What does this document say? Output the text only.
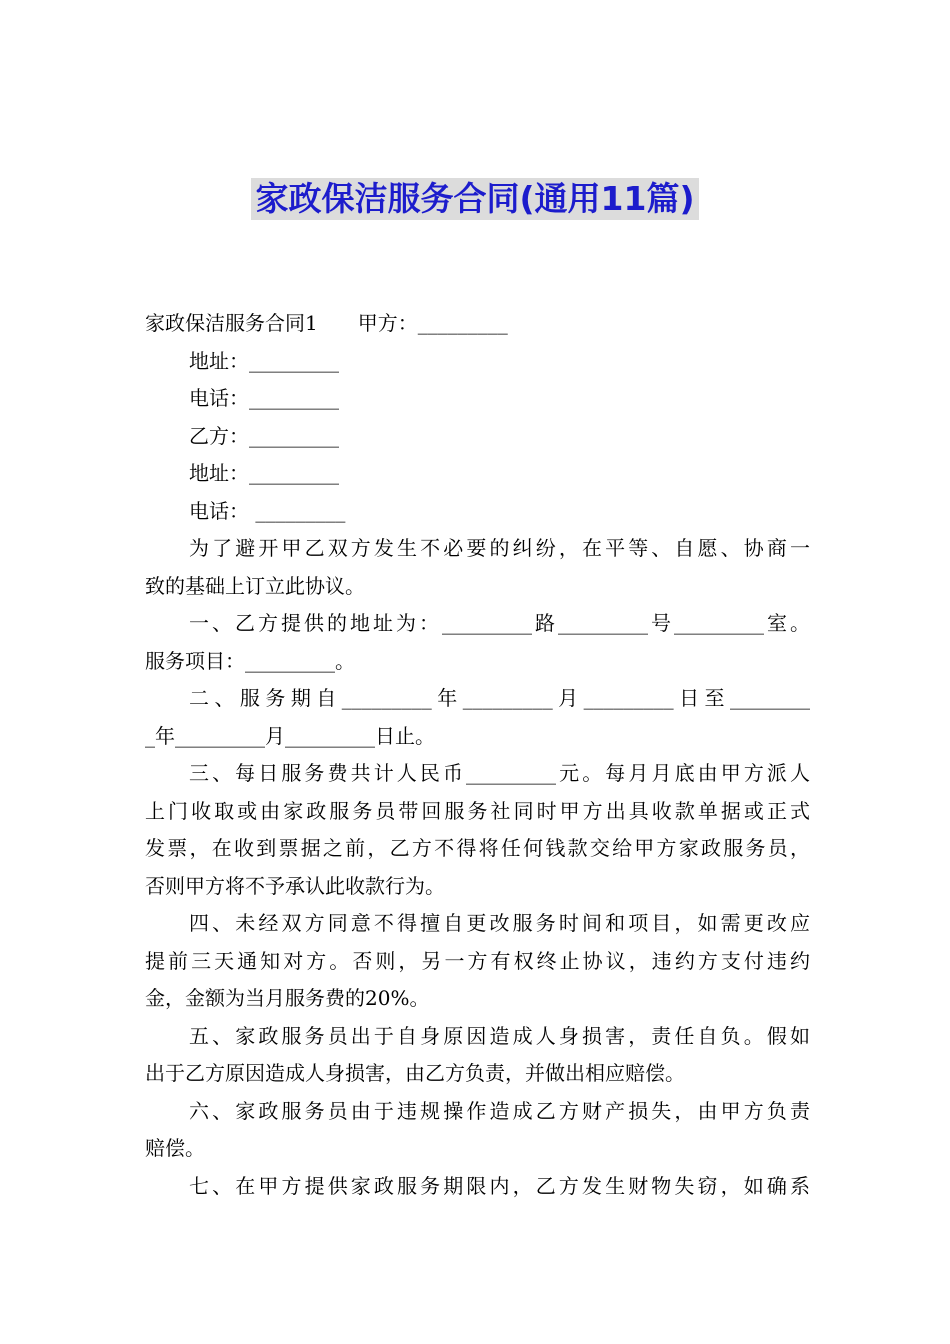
家政保洁服务合同(通用11篇)
家政保洁服务合同1 甲方：_________
地址：_________
电话：_________
乙方：_________
地址：_________
电话： _________
为了避开甲乙双方发生不必要的纠纷，在平等、自愿、协商一
致的基础上订立此协议。
一、乙方提供的地址为：_________路_________号_________室。
服务项目：_________。
二、服务期自_________年_________月_________日至________
_年_________月_________日止。
三、每日服务费共计人民币_________元。每月月底由甲方派人
上门收取或由家政服务员带回服务社同时甲方出具收款单据或正式
发票，在收到票据之前，乙方不得将任何钱款交给甲方家政服务员，
否则甲方将不予承认此收款行为。
四、未经双方同意不得擅自更改服务时间和项目，如需更改应
提前三天通知对方。否则，另一方有权终止协议，违约方支付违约
金，金额为当月服务费的20%。
五、家政服务员出于自身原因造成人身损害，责任自负。假如
出于乙方原因造成人身损害，由乙方负责，并做出相应赔偿。
六、家政服务员由于违规操作造成乙方财产损失，由甲方负责
赔偿。
七、在甲方提供家政服务期限内，乙方发生财物失窃，如确系
